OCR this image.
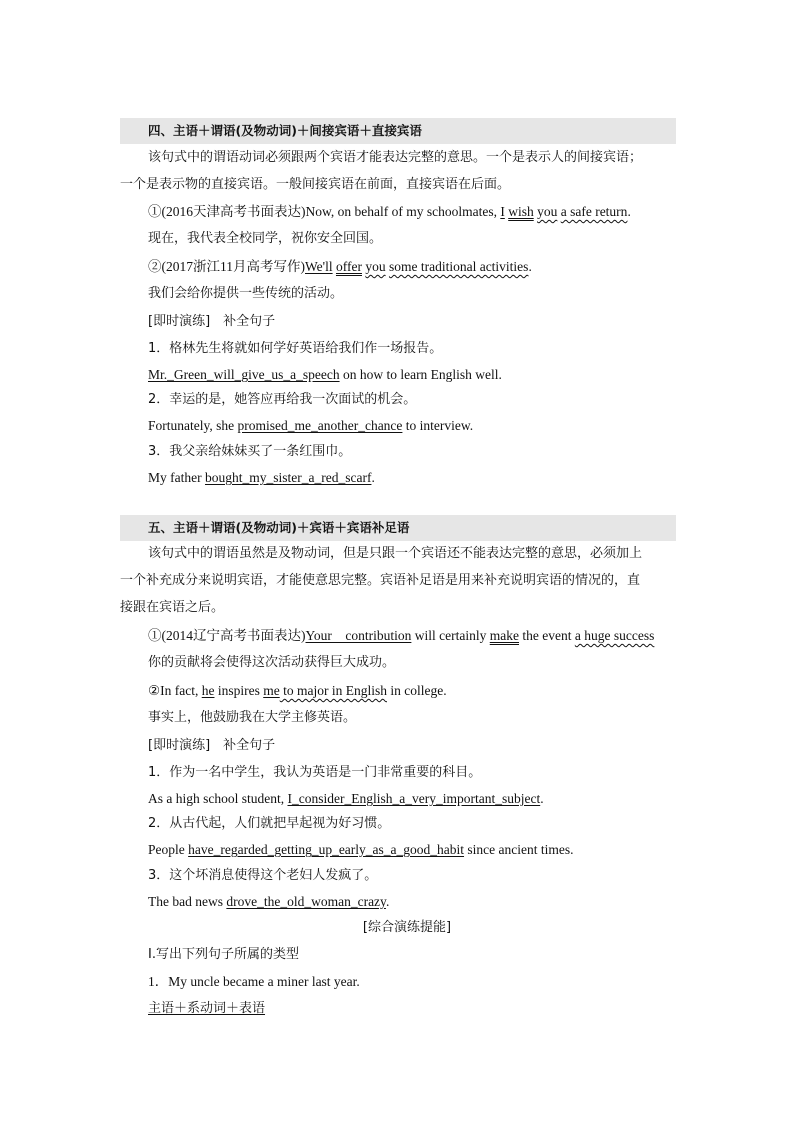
四、主语＋谓语(及物动词)＋间接宾语＋直接宾语
该句式中的谓语动词必须跟两个宾语才能表达完整的意思。一个是表示人的间接宾语；
一个是表示物的直接宾语。一般间接宾语在前面，直接宾语在后面。
①(2016天津高考书面表达)Now, on behalf of my schoolmates, I wish you a safe return.
现在，我代表全校同学，祝你安全回国。
②(2017浙江11月高考写作)We'll offer you some traditional activities.
我们会给你提供一些传统的活动。
[即时演练]　补全句子
1．格林先生将就如何学好英语给我们作一场报告。
Mr._Green_will_give_us_a_speech on how to learn English well.
2．幸运的是，她答应再给我一次面试的机会。
Fortunately, she promised_me_another_chance to interview.
3．我父亲给妹妹买了一条红围巾。
My father bought_my_sister_a_red_scarf.
五、主语＋谓语(及物动词)＋宾语＋宾语补足语
该句式中的谓语虽然是及物动词，但是只跟一个宾语还不能表达完整的意思，必须加上
一个补充成分来说明宾语，才能使意思完整。宾语补足语是用来补充说明宾语的情况的，直
接跟在宾语之后。
①(2014辽宁高考书面表达)Your　contribution will certainly make the event a huge success
你的贡献将会使得这次活动获得巨大成功。
②In fact, he inspires me to major in English in college.
事实上，他鼓励我在大学主修英语。
[即时演练]　补全句子
1．作为一名中学生，我认为英语是一门非常重要的科目。
As a high school student, I_consider_English_a_very_important_subject.
2．从古代起，人们就把早起视为好习惯。
People have_regarded_getting_up_early_as_a_good_habit since ancient times.
3．这个坏消息使得这个老妇人发疯了。
The bad news drove_the_old_woman_crazy.
[综合演练提能]
Ⅰ.写出下列句子所属的类型
1．My uncle became a miner last year.
主语＋系动词＋表语
